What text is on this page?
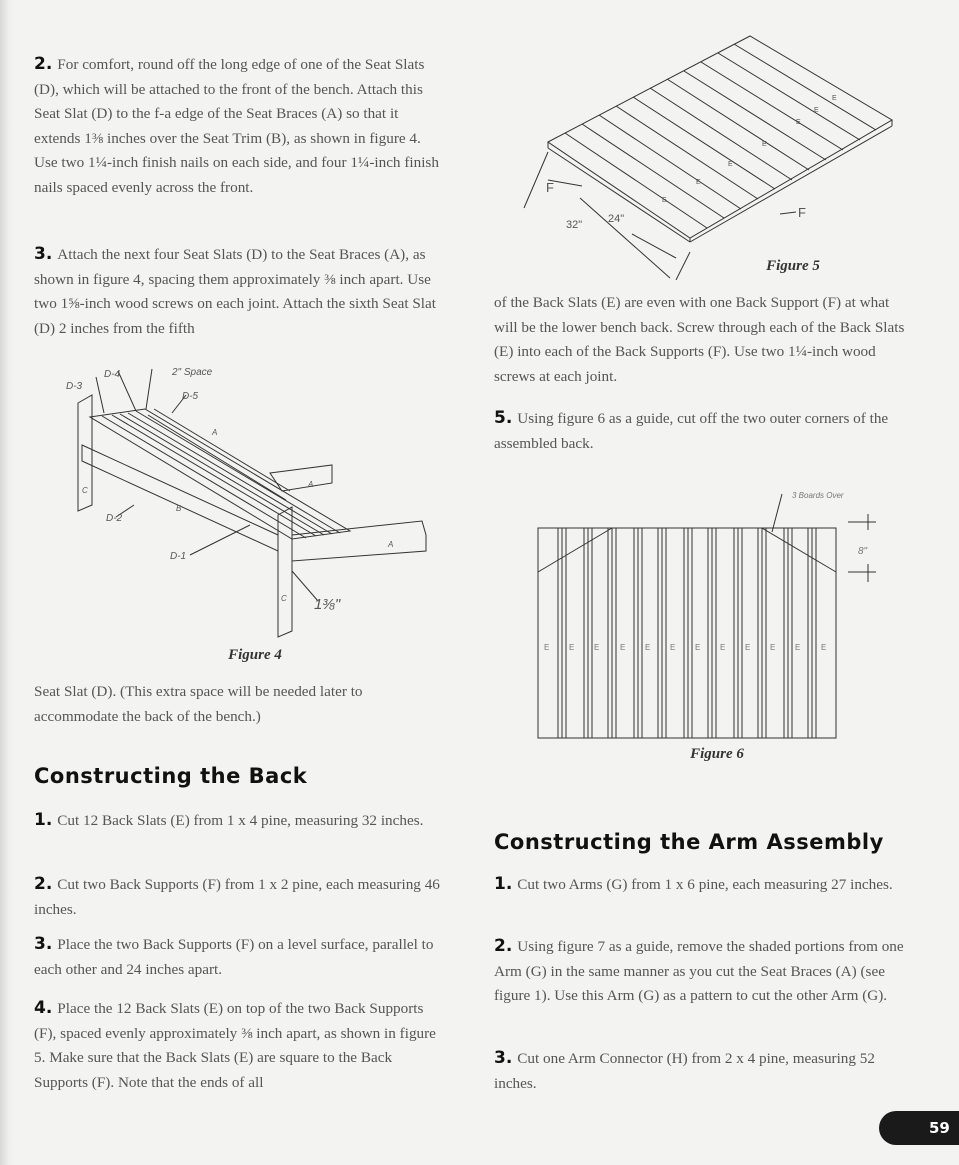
2. For comfort, round off the long edge of one of the Seat Slats (D), which will be attached to the front of the bench. Attach this Seat Slat (D) to the f-a edge of the Seat Braces (A) so that it extends 1⅜ inches over the Seat Trim (B), as shown in figure 4. Use two 1¼-inch finish nails on each side, and four 1¼-inch finish nails spaced evenly across the front.

3. Attach the next four Seat Slats (D) to the Seat Braces (A), as shown in figure 4, spacing them approximately ⅜ inch apart. Use two 1⅝-inch wood screws on each joint. Attach the sixth Seat Slat (D) 2 inches from the fifth

D-3
D-4	2" Space
D-5
A
A
A
B
C
C
D-2
D-1
1⅜"
Figure 4

Seat Slat (D). (This extra space will be needed later to accommodate the back of the bench.)

Constructing the Back

1. Cut 12 Back Slats (E) from 1 x 4 pine, measuring 32 inches.

2. Cut two Back Supports (F) from 1 x 2 pine, each measuring 46 inches.

3. Place the two Back Supports (F) on a level surface, parallel to each other and 24 inches apart.

4. Place the 12 Back Slats (E) on top of the two Back Supports (F), spaced evenly approximately ⅜ inch apart, as shown in figure 5. Make sure that the Back Slats (E) are square to the Back Supports (F). Note that the ends of all

F
F
32" 24"
E
E
E
E
E
E
E
Figure 5

of the Back Slats (E) are even with one Back Support (F) at what will be the lower bench back. Screw through each of the Back Slats (E) into each of the Back Supports (F). Use two 1¼-inch wood screws at each joint.

5. Using figure 6 as a guide, cut off the two outer corners of the assembled back.

3 Boards Over
8"
E E E	E E E E E E E E	E
Figure 6
Constructing the Arm Assembly

1. Cut two Arms (G) from 1 x 6 pine, each measuring 27 inches.

2. Using figure 7 as a guide, remove the shaded portions from one Arm (G) in the same manner as you cut the Seat Braces (A) (see figure 1). Use this Arm (G) as a pattern to cut the other Arm (G).

3. Cut one Arm Connector (H) from 2 x 4 pine, measuring 52 inches.

59
